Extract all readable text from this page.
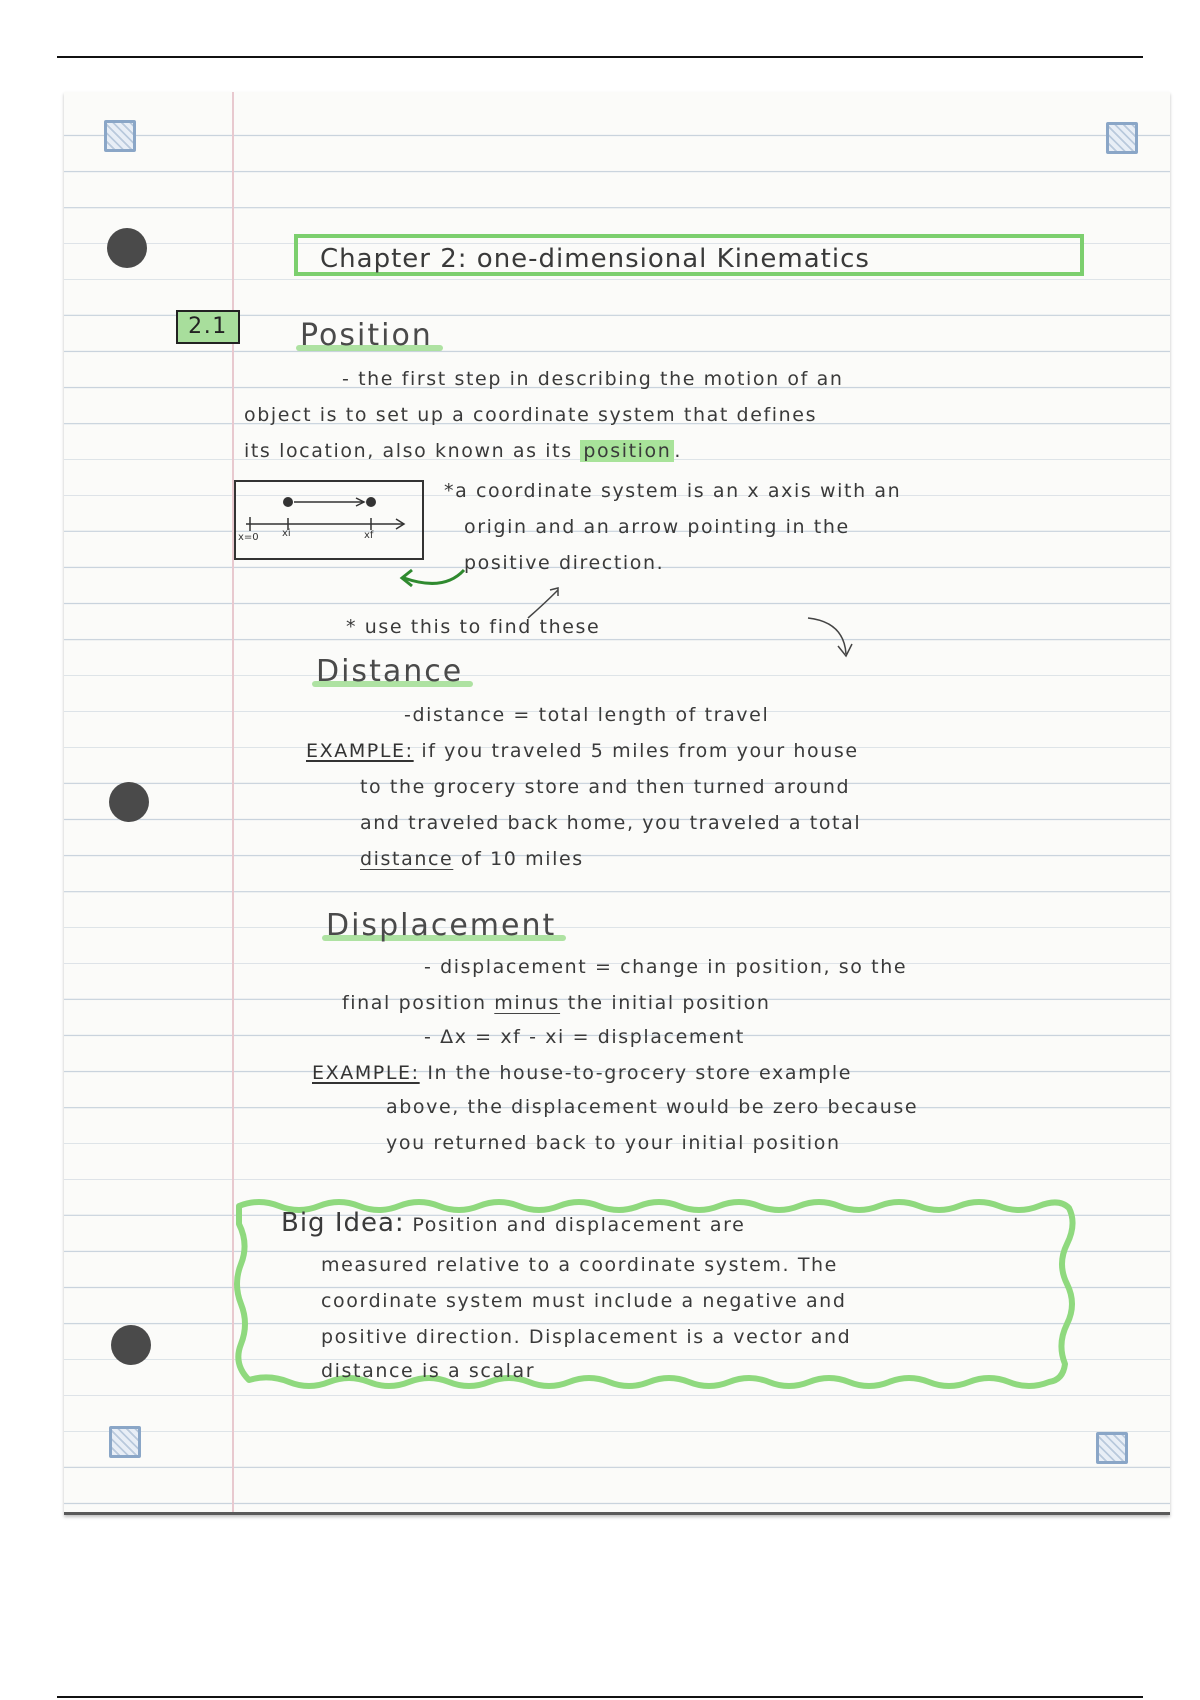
Chapter 2: one-dimensional Kinematics
2.1	Position
- the first step in describing the motion of an
object is to set up a coordinate system that defines
its location, also known as its position .
x=0 xi	xf
*a coordinate system is an x axis with an
origin and an arrow pointing in the
positive direction.
* use this to find these
Distance
-distance = total length of travel
EXAMPLE: if you traveled 5 miles from your house
to the grocery store and then turned around
and traveled back home, you traveled a total
distance of 10 miles
Displacement
- displacement = change in position, so the
final position minus the initial position
- Δx = xf - xi = displacement
EXAMPLE: In the house-to-grocery store example
above, the displacement would be zero because
you returned back to your initial position
Big Idea: Position and displacement are
measured relative to a coordinate system. The
coordinate system must include a negative and
positive direction. Displacement is a vector and
distance is a scalar
